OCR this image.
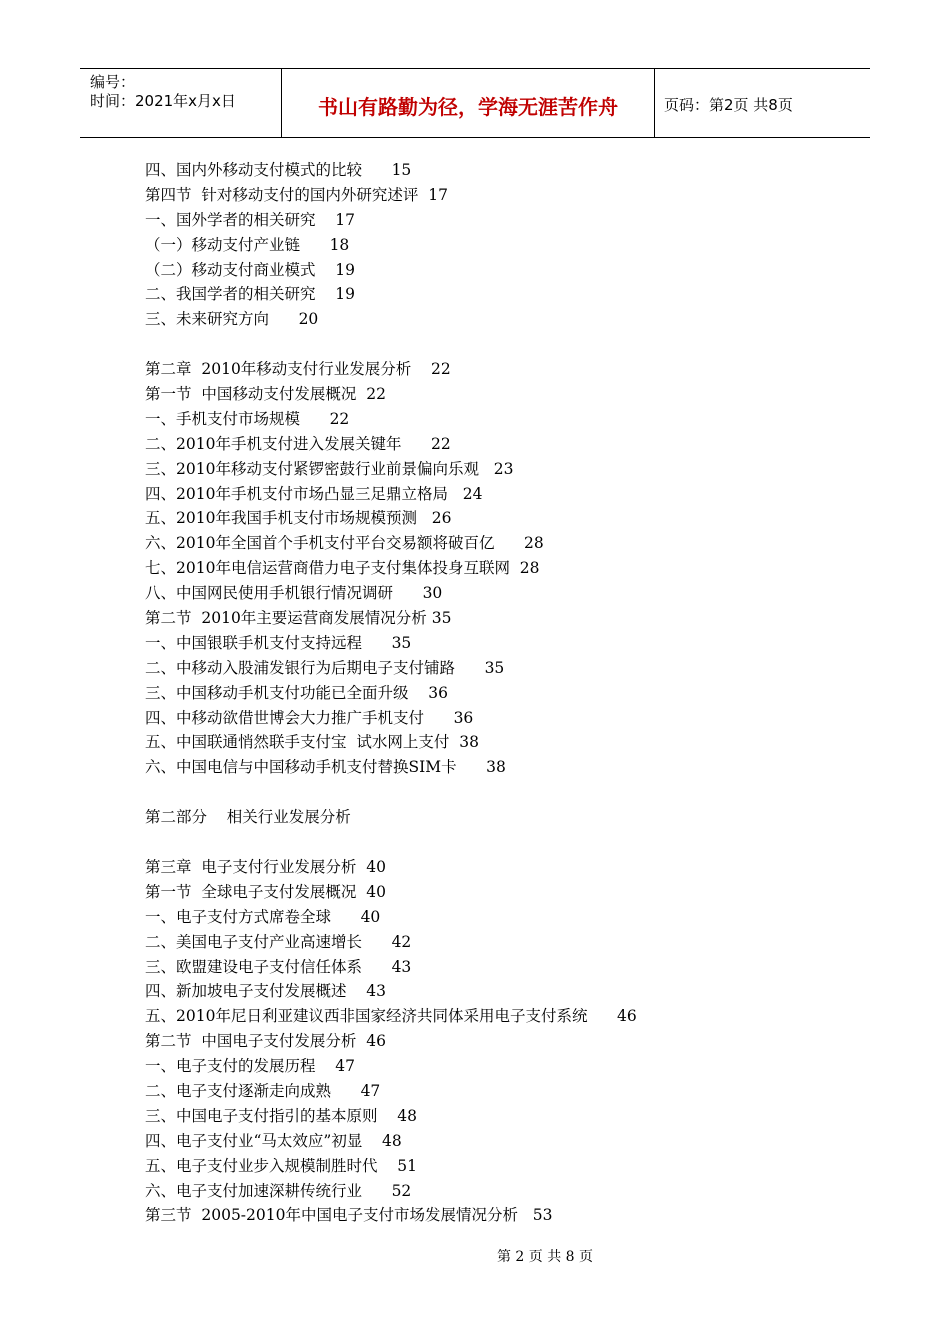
编号：
时间：2021年x月x日	书山有路勤为径，学海无涯苦作舟	页码：第2页 共8页
四、国内外移动支付模式的比较      15
第四节  针对移动支付的国内外研究述评  17
一、国外学者的相关研究    17
（一）移动支付产业链      18
（二）移动支付商业模式    19
二、我国学者的相关研究    19
三、未来研究方向      20
第二章  2010年移动支付行业发展分析    22
第一节  中国移动支付发展概况  22
一、手机支付市场规模      22
二、2010年手机支付进入发展关键年      22
三、2010年移动支付紧锣密鼓行业前景偏向乐观   23
四、2010年手机支付市场凸显三足鼎立格局   24
五、2010年我国手机支付市场规模预测   26
六、2010年全国首个手机支付平台交易额将破百亿      28
七、2010年电信运营商借力电子支付集体投身互联网  28
八、中国网民使用手机银行情况调研      30
第二节  2010年主要运营商发展情况分析 35
一、中国银联手机支付支持远程      35
二、中移动入股浦发银行为后期电子支付铺路      35
三、中国移动手机支付功能已全面升级    36
四、中移动欲借世博会大力推广手机支付      36
五、中国联通悄然联手支付宝  试水网上支付  38
六、中国电信与中国移动手机支付替换SIM卡      38
第二部分    相关行业发展分析
第三章  电子支付行业发展分析  40
第一节  全球电子支付发展概况  40
一、电子支付方式席卷全球      40
二、美国电子支付产业高速增长      42
三、欧盟建设电子支付信任体系      43
四、新加坡电子支付发展概述    43
五、2010年尼日利亚建议西非国家经济共同体采用电子支付系统      46
第二节  中国电子支付发展分析  46
一、电子支付的发展历程    47
二、电子支付逐渐走向成熟      47
三、中国电子支付指引的基本原则    48
四、电子支付业“马太效应”初显    48
五、电子支付业步入规模制胜时代    51
六、电子支付加速深耕传统行业      52
第三节  2005-2010年中国电子支付市场发展情况分析   53
第 2 页 共 8 页
